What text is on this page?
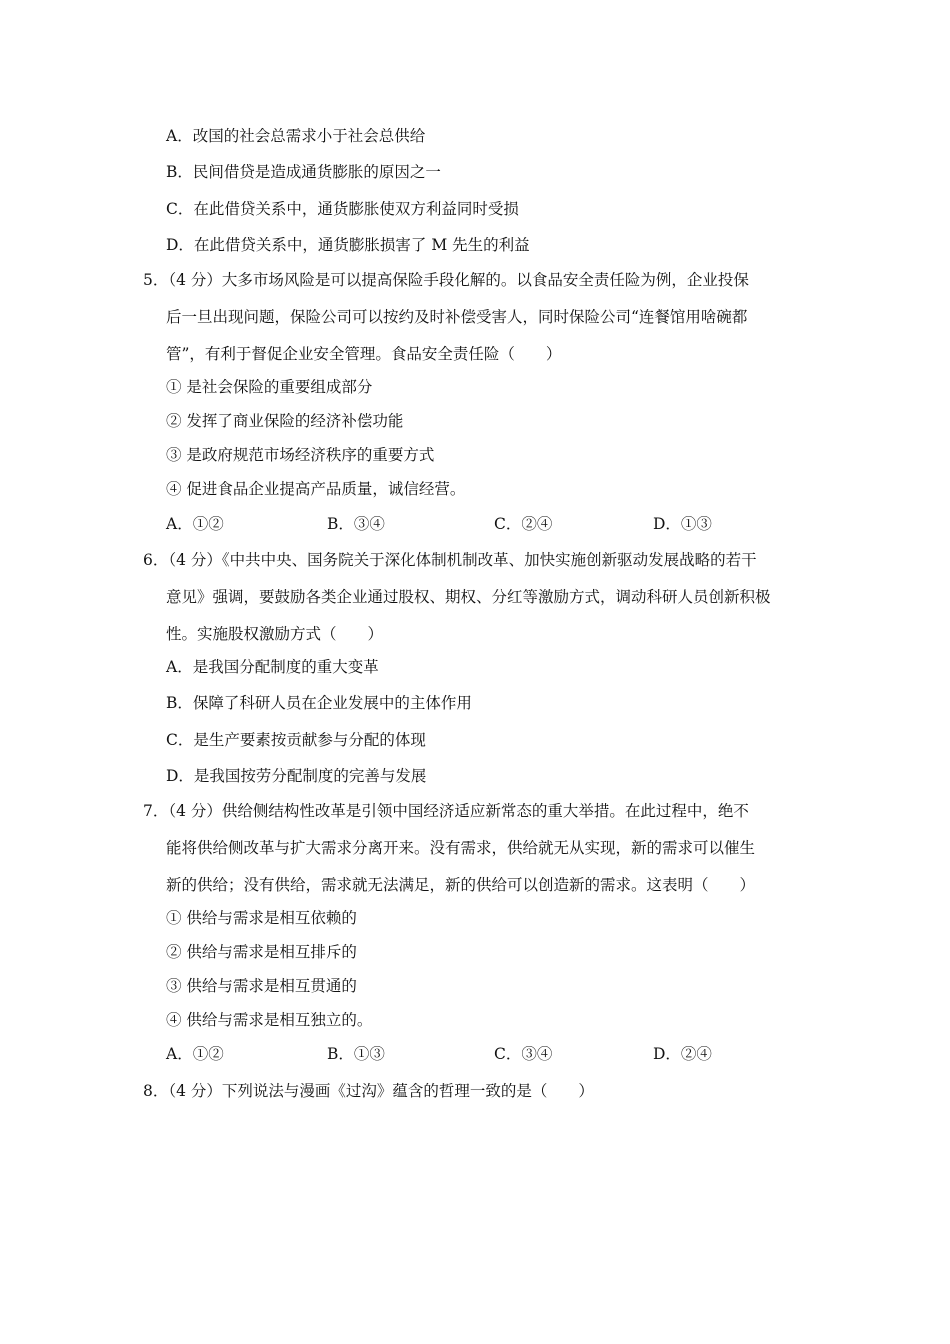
A．改国的社会总需求小于社会总供给
B．民间借贷是造成通货膨胀的原因之一
C．在此借贷关系中，通货膨胀使双方利益同时受损
D．在此借贷关系中，通货膨胀损害了 M 先生的利益
5．（4 分）大多市场风险是可以提高保险手段化解的。以食品安全责任险为例，企业投保
后一旦出现问题，保险公司可以按约及时补偿受害人，同时保险公司“连餐馆用啥碗都
管”，有利于督促企业安全管理。食品安全责任险（　　）
① 是社会保险的重要组成部分
② 发挥了商业保险的经济补偿功能
③ 是政府规范市场经济秩序的重要方式
④ 促进食品企业提高产品质量，诚信经营。
A．①②	B．③④	C．②④	D．①③
6．（4 分）《中共中央、国务院关于深化体制机制改革、加快实施创新驱动发展战略的若干
意见》强调，要鼓励各类企业通过股权、期权、分红等激励方式，调动科研人员创新积极
性。实施股权激励方式（　　）
A．是我国分配制度的重大变革
B．保障了科研人员在企业发展中的主体作用
C．是生产要素按贡献参与分配的体现
D．是我国按劳分配制度的完善与发展
7．（4 分）供给侧结构性改革是引领中国经济适应新常态的重大举措。在此过程中，绝不
能将供给侧改革与扩大需求分离开来。没有需求，供给就无从实现，新的需求可以催生
新的供给；没有供给，需求就无法满足，新的供给可以创造新的需求。这表明（　　）
① 供给与需求是相互依赖的
② 供给与需求是相互排斥的
③ 供给与需求是相互贯通的
④ 供给与需求是相互独立的。
A．①②	B．①③	C．③④	D．②④
8．（4 分）下列说法与漫画《过沟》蕴含的哲理一致的是（　　）
